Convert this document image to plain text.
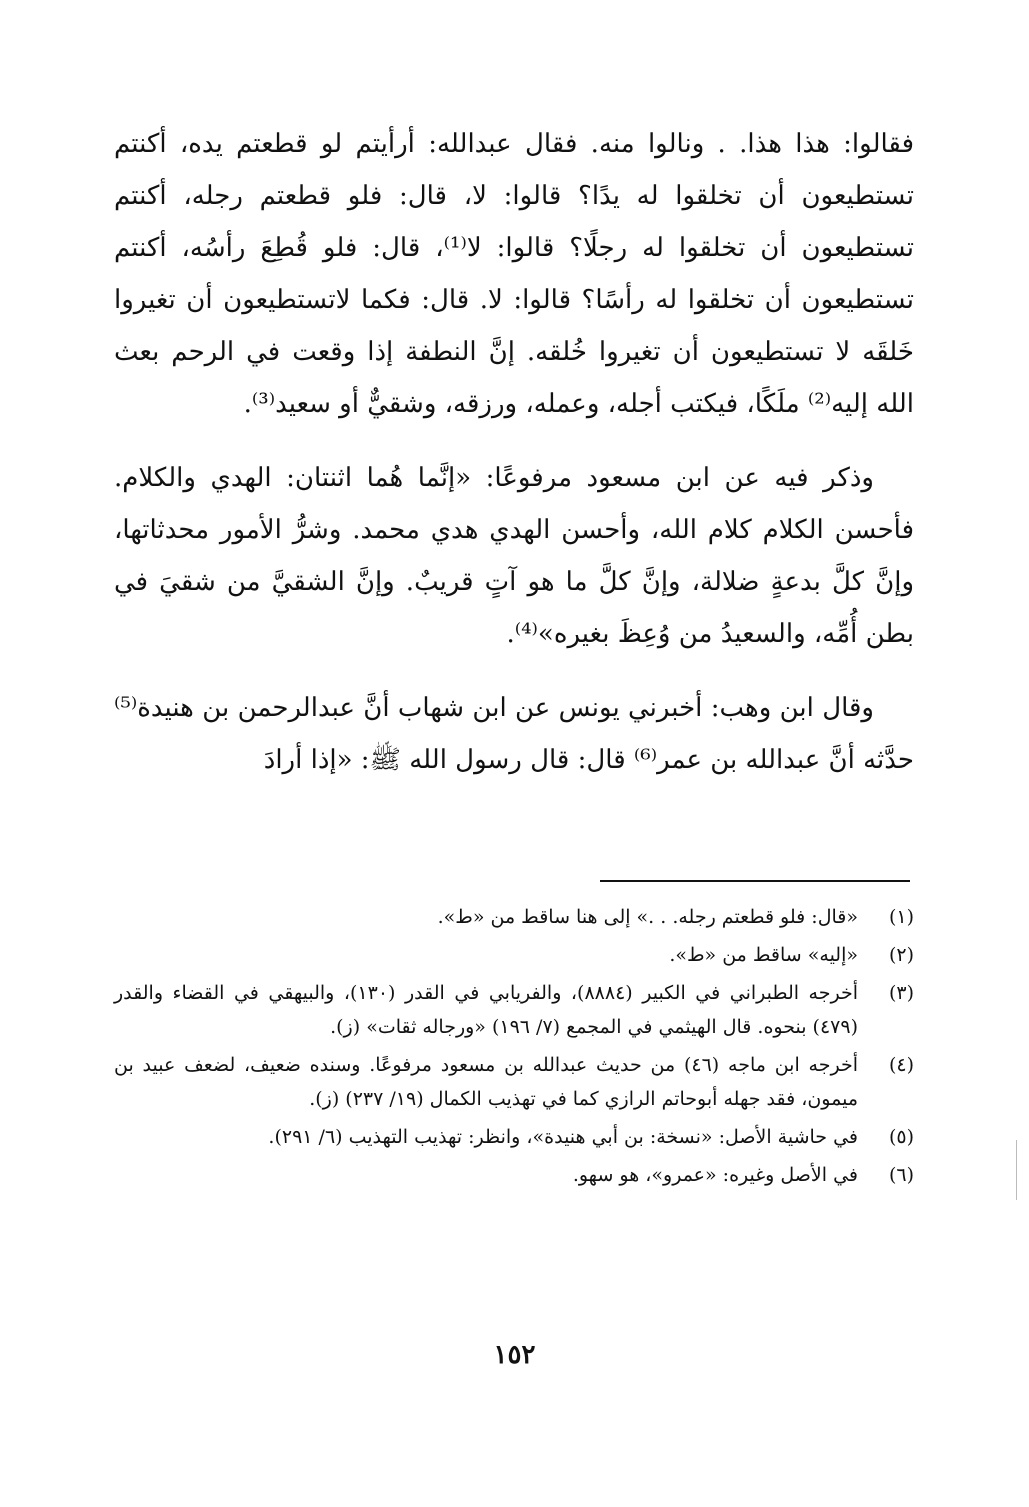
فقالوا: هذا هذا. . ونالوا منه. فقال عبدالله: أرأيتم لو قطعتم يده، أكنتم تستطيعون أن تخلقوا له يدًا؟ قالوا: لا، قال: فلو قطعتم رجله، أكنتم تستطيعون أن تخلقوا له رجلًا؟ قالوا: لا⁽¹⁾، قال: فلو قُطِعَ رأسُه، أكنتم تستطيعون أن تخلقوا له رأسًا؟ قالوا: لا. قال: فكما لاتستطيعون أن تغيروا خَلقَه لا تستطيعون أن تغيروا خُلقه. إنَّ النطفة إذا وقعت في الرحم بعث الله إليه⁽²⁾ ملَكًا، فيكتب أجله، وعمله، ورزقه، وشقيٌّ أو سعيد⁽³⁾.

وذكر فيه عن ابن مسعود مرفوعًا: «إنَّما هُما اثنتان: الهدي والكلام. فأحسن الكلام كلام الله، وأحسن الهدي هدي محمد. وشرُّ الأمور محدثاتها، وإنَّ كلَّ بدعةٍ ضلالة، وإنَّ كلَّ ما هو آتٍ قريبٌ. وإنَّ الشقيَّ من شقيَ في بطن أُمِّه، والسعيدُ من وُعِظَ بغيره»⁽⁴⁾.

وقال ابن وهب: أخبرني يونس عن ابن شهاب أنَّ عبدالرحمن بن هنيدة⁽⁵⁾ حدَّثه أنَّ عبدالله بن عمر⁽⁶⁾ قال: قال رسول الله ﷺ: «إذا أرادَ

(١)
«قال: فلو قطعتم رجله. . .» إلى هنا ساقط من «ط».
(٢)
«إليه» ساقط من «ط».
(٣)
أخرجه الطبراني في الكبير (٨٨٨٤)، والفريابي في القدر (١٣٠)، والبيهقي في القضاء والقدر (٤٧٩) بنحوه. قال الهيثمي في المجمع (٧/ ١٩٦) «ورجاله ثقات» (ز).
(٤)
أخرجه ابن ماجه (٤٦) من حديث عبدالله بن مسعود مرفوعًا. وسنده ضعيف، لضعف عبيد بن ميمون، فقد جهله أبوحاتم الرازي كما في تهذيب الكمال (١٩/ ٢٣٧) (ز).
(٥)
في حاشية الأصل: «نسخة: بن أبي هنيدة»، وانظر: تهذيب التهذيب (٦/ ٢٩١).
(٦)
في الأصل وغيره: «عمرو»، هو سهو.
١٥٢
